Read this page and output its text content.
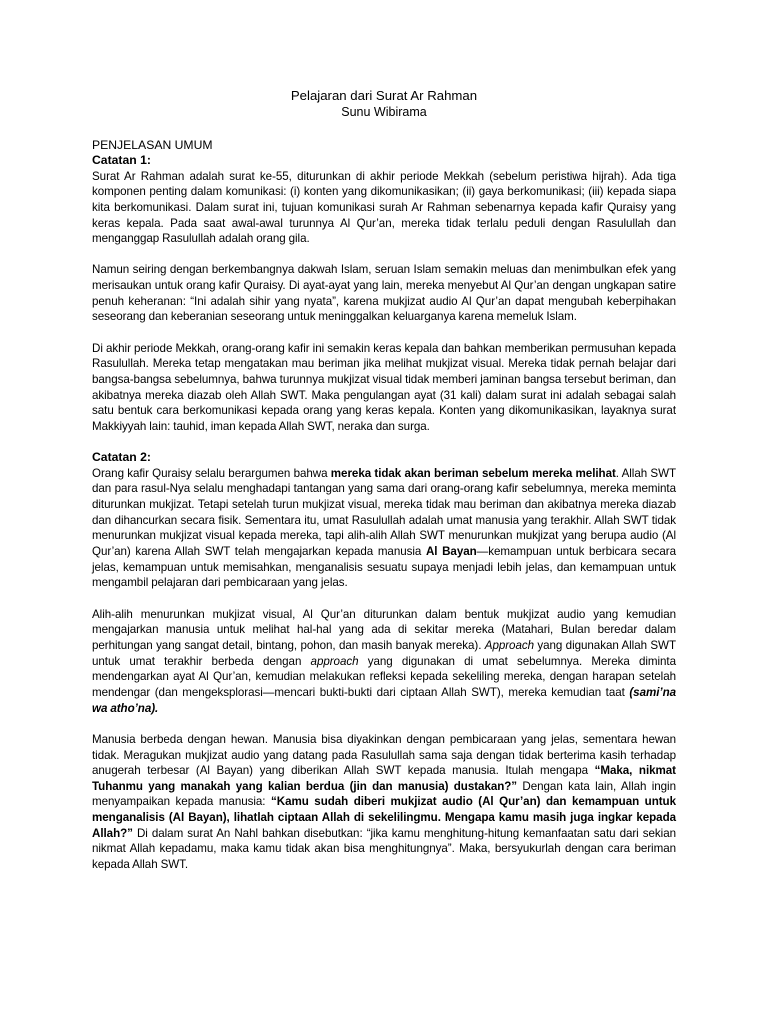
Pelajaran dari Surat Ar Rahman
Sunu Wibirama
PENJELASAN UMUM
Catatan 1:

Surat Ar Rahman adalah surat ke-55, diturunkan di akhir periode Mekkah (sebelum peristiwa hijrah). Ada tiga komponen penting dalam komunikasi: (i) konten yang dikomunikasikan; (ii) gaya berkomunikasi; (iii) kepada siapa kita berkomunikasi. Dalam surat ini, tujuan komunikasi surah Ar Rahman sebenarnya kepada kafir Quraisy yang keras kepala. Pada saat awal-awal turunnya Al Qur’an, mereka tidak terlalu peduli dengan Rasulullah dan menganggap Rasulullah adalah orang gila.

Namun seiring dengan berkembangnya dakwah Islam, seruan Islam semakin meluas dan menimbulkan efek yang merisaukan untuk orang kafir Quraisy. Di ayat-ayat yang lain, mereka menyebut Al Qur’an dengan ungkapan satire penuh keheranan: “Ini adalah sihir yang nyata”, karena mukjizat audio Al Qur’an dapat mengubah keberpihakan seseorang dan keberanian seseorang untuk meninggalkan keluarganya karena memeluk Islam.

Di akhir periode Mekkah, orang-orang kafir ini semakin keras kepala dan bahkan memberikan permusuhan kepada Rasulullah. Mereka tetap mengatakan mau beriman jika melihat mukjizat visual. Mereka tidak pernah belajar dari bangsa-bangsa sebelumnya, bahwa turunnya mukjizat visual tidak memberi jaminan bangsa tersebut beriman, dan akibatnya mereka diazab oleh Allah SWT. Maka pengulangan ayat (31 kali) dalam surat ini adalah sebagai salah satu bentuk cara berkomunikasi kepada orang yang keras kepala. Konten yang dikomunikasikan, layaknya surat Makkiyyah lain: tauhid, iman kepada Allah SWT, neraka dan surga.

Catatan 2:

Orang kafir Quraisy selalu berargumen bahwa mereka tidak akan beriman sebelum mereka melihat. Allah SWT dan para rasul-Nya selalu menghadapi tantangan yang sama dari orang-orang kafir sebelumnya, mereka meminta diturunkan mukjizat. Tetapi setelah turun mukjizat visual, mereka tidak mau beriman dan akibatnya mereka diazab dan dihancurkan secara fisik. Sementara itu, umat Rasulullah adalah umat manusia yang terakhir. Allah SWT tidak menurunkan mukjizat visual kepada mereka, tapi alih-alih Allah SWT menurunkan mukjizat yang berupa audio (Al Qur’an) karena Allah SWT telah mengajarkan kepada manusia Al Bayan—kemampuan untuk berbicara secara jelas, kemampuan untuk memisahkan, menganalisis sesuatu supaya menjadi lebih jelas, dan kemampuan untuk mengambil pelajaran dari pembicaraan yang jelas.

Alih-alih menurunkan mukjizat visual, Al Qur’an diturunkan dalam bentuk mukjizat audio yang kemudian mengajarkan manusia untuk melihat hal-hal yang ada di sekitar mereka (Matahari, Bulan beredar dalam perhitungan yang sangat detail, bintang, pohon, dan masih banyak mereka). Approach yang digunakan Allah SWT untuk umat terakhir berbeda dengan approach yang digunakan di umat sebelumnya. Mereka diminta mendengarkan ayat Al Qur’an, kemudian melakukan refleksi kepada sekeliling mereka, dengan harapan setelah mendengar (dan mengeksplorasi—mencari bukti-bukti dari ciptaan Allah SWT), mereka kemudian taat (sami’na wa atho’na).

Manusia berbeda dengan hewan. Manusia bisa diyakinkan dengan pembicaraan yang jelas, sementara hewan tidak. Meragukan mukjizat audio yang datang pada Rasulullah sama saja dengan tidak berterima kasih terhadap anugerah terbesar (Al Bayan) yang diberikan Allah SWT kepada manusia. Itulah mengapa “Maka, nikmat Tuhanmu yang manakah yang kalian berdua (jin dan manusia) dustakan?” Dengan kata lain, Allah ingin menyampaikan kepada manusia: “Kamu sudah diberi mukjizat audio (Al Qur’an) dan kemampuan untuk menganalisis (Al Bayan), lihatlah ciptaan Allah di sekelilingmu. Mengapa kamu masih juga ingkar kepada Allah?” Di dalam surat An Nahl bahkan disebutkan: “jika kamu menghitung-hitung kemanfaatan satu dari sekian nikmat Allah kepadamu, maka kamu tidak akan bisa menghitungnya”. Maka, bersyukurlah dengan cara beriman kepada Allah SWT.
